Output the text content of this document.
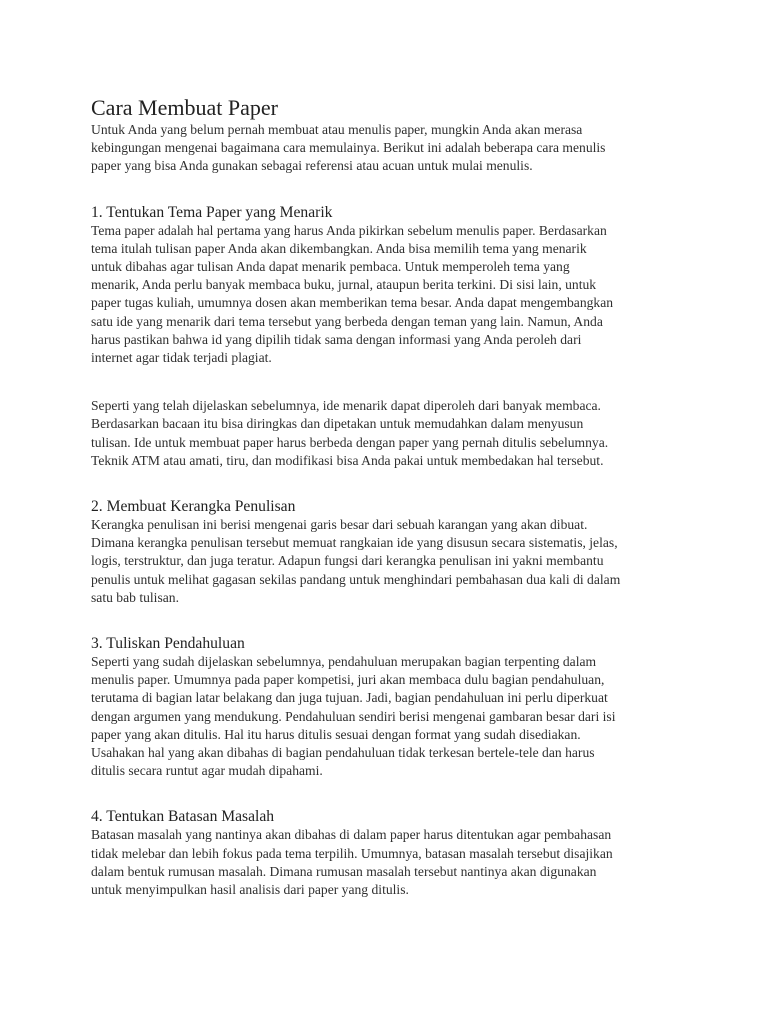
Cara Membuat Paper

Untuk Anda yang belum pernah membuat atau menulis paper, mungkin Anda akan merasa
kebingungan mengenai bagaimana cara memulainya. Berikut ini adalah beberapa cara menulis
paper yang bisa Anda gunakan sebagai referensi atau acuan untuk mulai menulis.

1. Tentukan Tema Paper yang Menarik

Tema paper adalah hal pertama yang harus Anda pikirkan sebelum menulis paper. Berdasarkan
tema itulah tulisan paper Anda akan dikembangkan. Anda bisa memilih tema yang menarik
untuk dibahas agar tulisan Anda dapat menarik pembaca. Untuk memperoleh tema yang
menarik, Anda perlu banyak membaca buku, jurnal, ataupun berita terkini. Di sisi lain, untuk
paper tugas kuliah, umumnya dosen akan memberikan tema besar. Anda dapat mengembangkan
satu ide yang menarik dari tema tersebut yang berbeda dengan teman yang lain. Namun, Anda
harus pastikan bahwa id yang dipilih tidak sama dengan informasi yang Anda peroleh dari
internet agar tidak terjadi plagiat.

Seperti yang telah dijelaskan sebelumnya, ide menarik dapat diperoleh dari banyak membaca.
Berdasarkan bacaan itu bisa diringkas dan dipetakan untuk memudahkan dalam menyusun
tulisan. Ide untuk membuat paper harus berbeda dengan paper yang pernah ditulis sebelumnya.
Teknik ATM atau amati, tiru, dan modifikasi bisa Anda pakai untuk membedakan hal tersebut.

2. Membuat Kerangka Penulisan

Kerangka penulisan ini berisi mengenai garis besar dari sebuah karangan yang akan dibuat.
Dimana kerangka penulisan tersebut memuat rangkaian ide yang disusun secara sistematis, jelas,
logis, terstruktur, dan juga teratur. Adapun fungsi dari kerangka penulisan ini yakni membantu
penulis untuk melihat gagasan sekilas pandang untuk menghindari pembahasan dua kali di dalam
satu bab tulisan.

3. Tuliskan Pendahuluan

Seperti yang sudah dijelaskan sebelumnya, pendahuluan merupakan bagian terpenting dalam
menulis paper. Umumnya pada paper kompetisi, juri akan membaca dulu bagian pendahuluan,
terutama di bagian latar belakang dan juga tujuan. Jadi, bagian pendahuluan ini perlu diperkuat
dengan argumen yang mendukung. Pendahuluan sendiri berisi mengenai gambaran besar dari isi
paper yang akan ditulis. Hal itu harus ditulis sesuai dengan format yang sudah disediakan.
Usahakan hal yang akan dibahas di bagian pendahuluan tidak terkesan bertele-tele dan harus
ditulis secara runtut agar mudah dipahami.

4. Tentukan Batasan Masalah

Batasan masalah yang nantinya akan dibahas di dalam paper harus ditentukan agar pembahasan
tidak melebar dan lebih fokus pada tema terpilih. Umumnya, batasan masalah tersebut disajikan
dalam bentuk rumusan masalah. Dimana rumusan masalah tersebut nantinya akan digunakan
untuk menyimpulkan hasil analisis dari paper yang ditulis.
